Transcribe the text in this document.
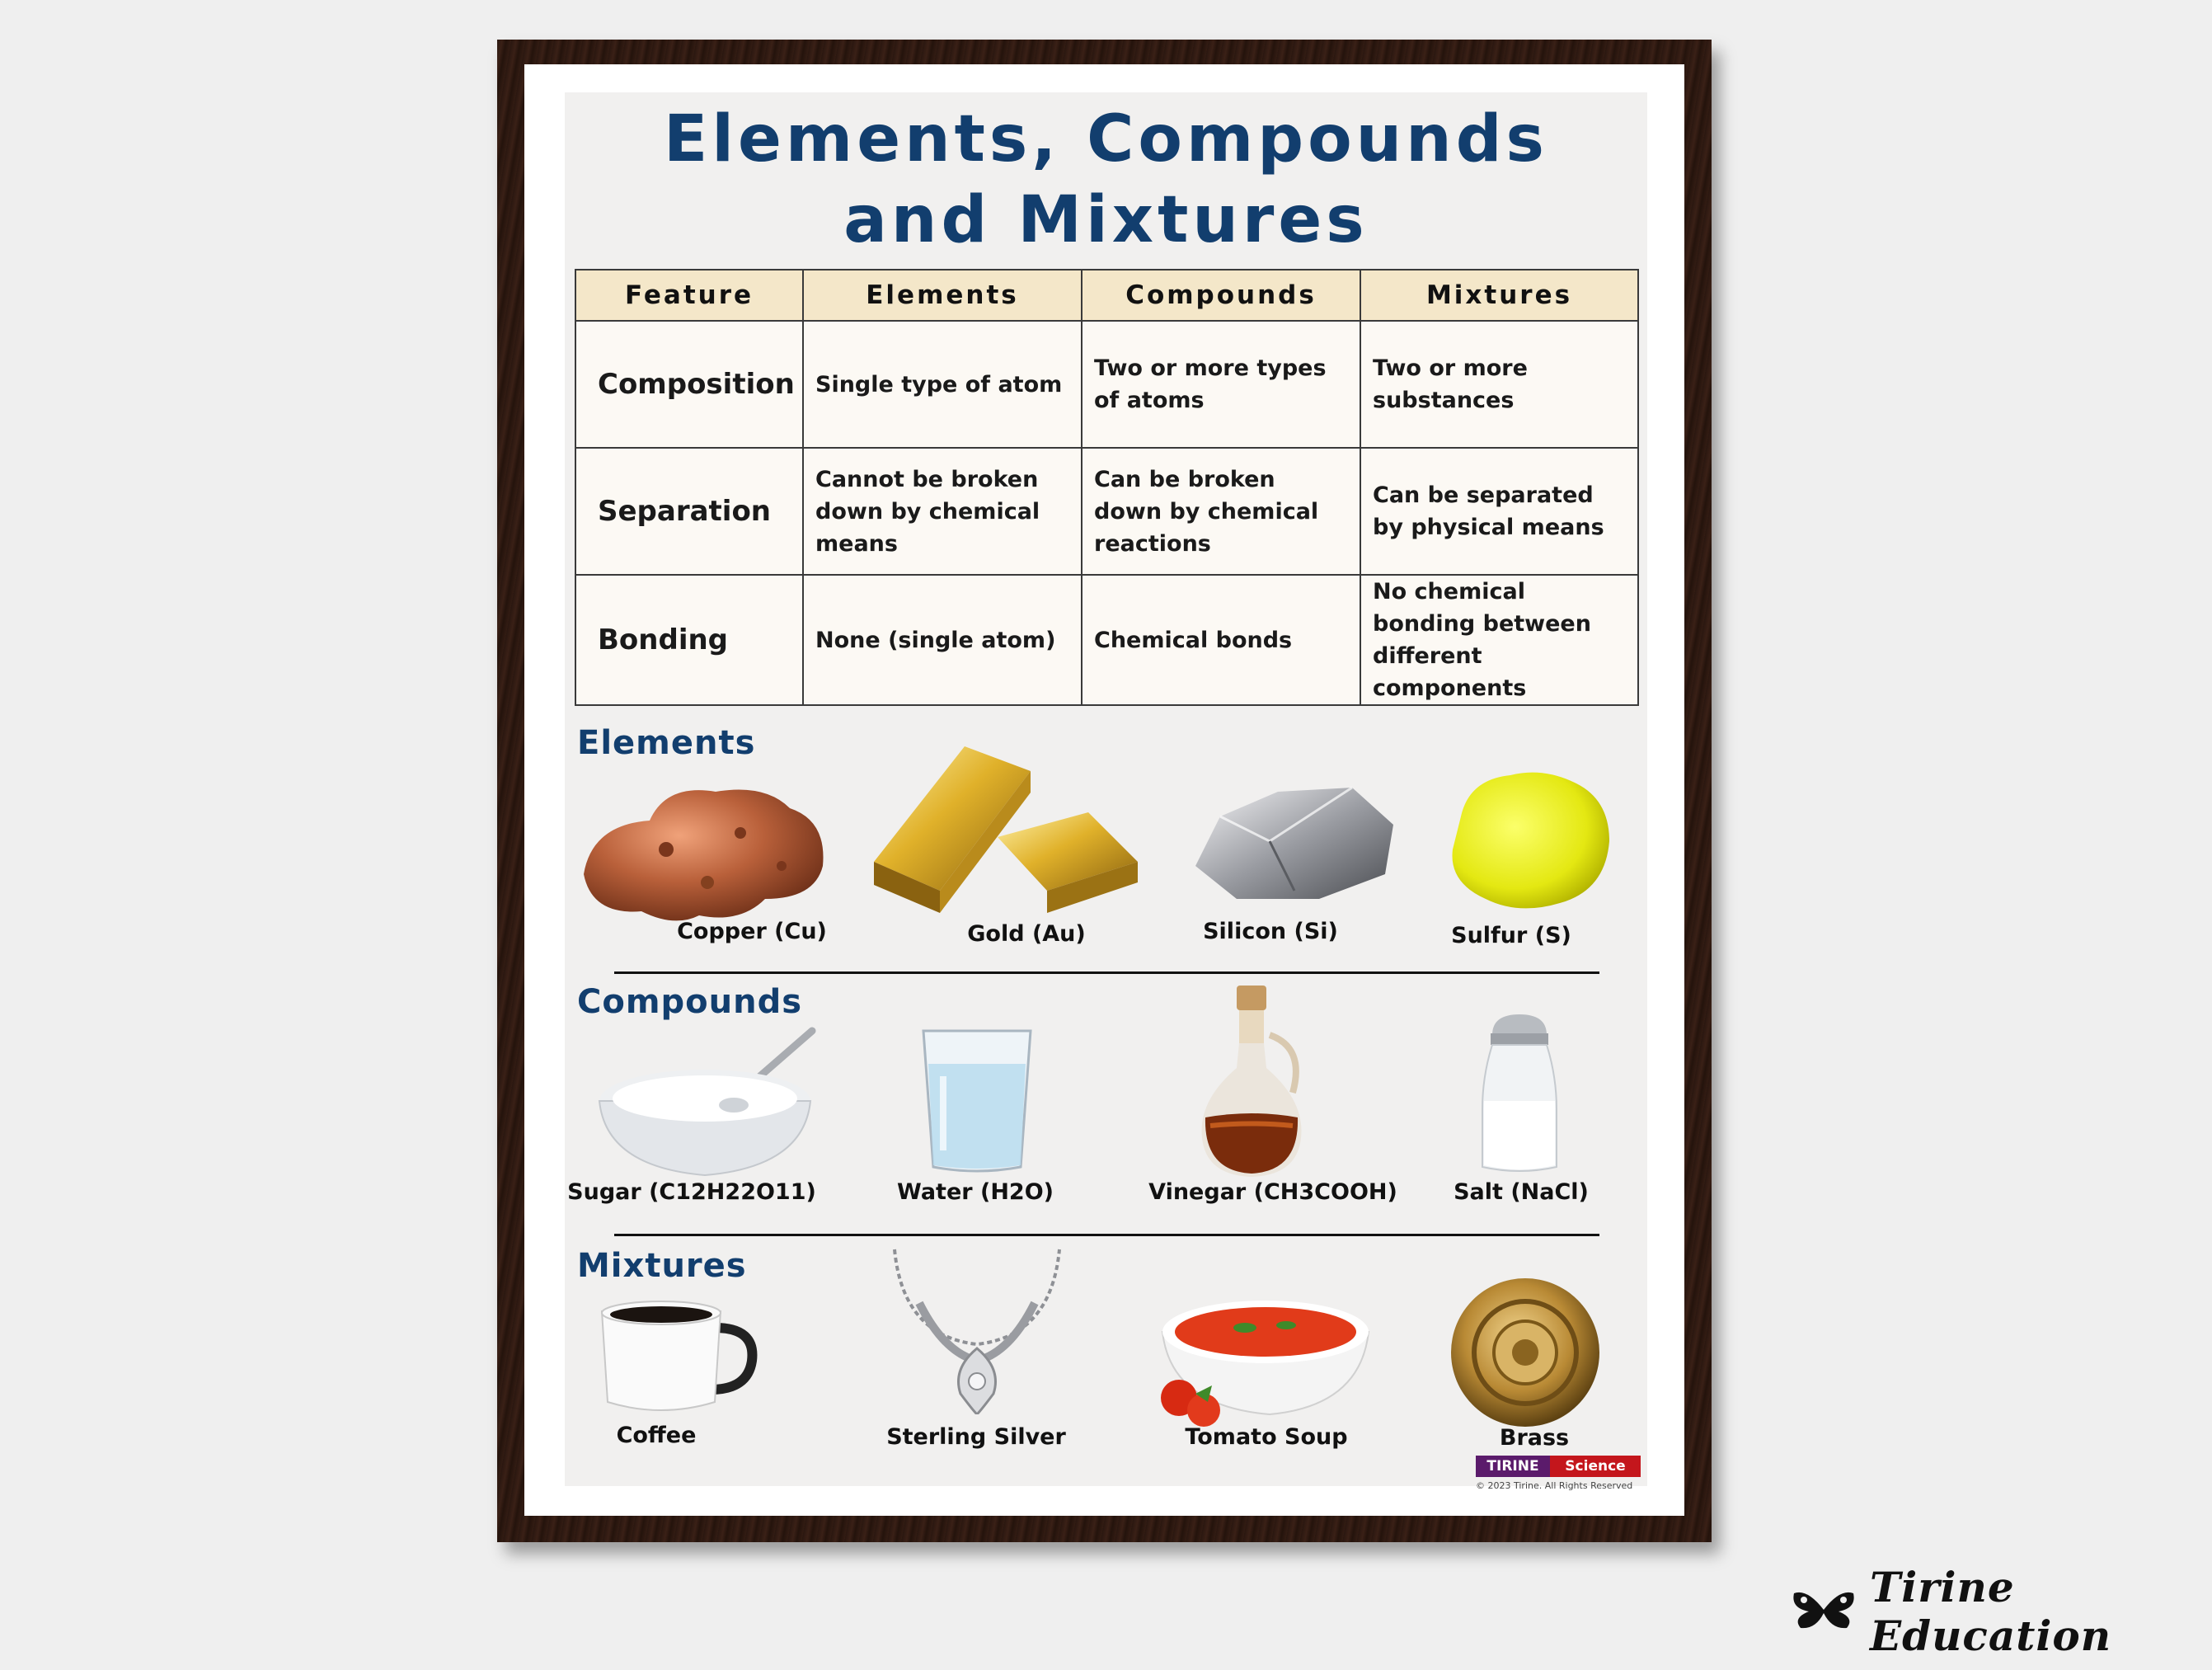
Elements, Compounds
and Mixtures
Feature	Elements	Compounds	Mixtures
Composition	Single type of atom	Two or more types of atoms	Two or more substances
Separation	Cannot be broken down by chemical means	Can be broken down by chemical reactions	Can be separated by physical means
Bonding	None (single atom)	Chemical bonds	No chemical bonding between different components
Elements
Copper (Cu)	Gold (Au)	Silicon (Si)	Sulfur (S)
Compounds
Sugar (C12H22O11)	Water (H2O)	Vinegar (CH3COOH)	Salt (NaCl)
Mixtures
Coffee	Sterling Silver	Tomato Soup	Brass
TIRINE	Science
© 2023 Tirine. All Rights Reserved
Tirine Education
